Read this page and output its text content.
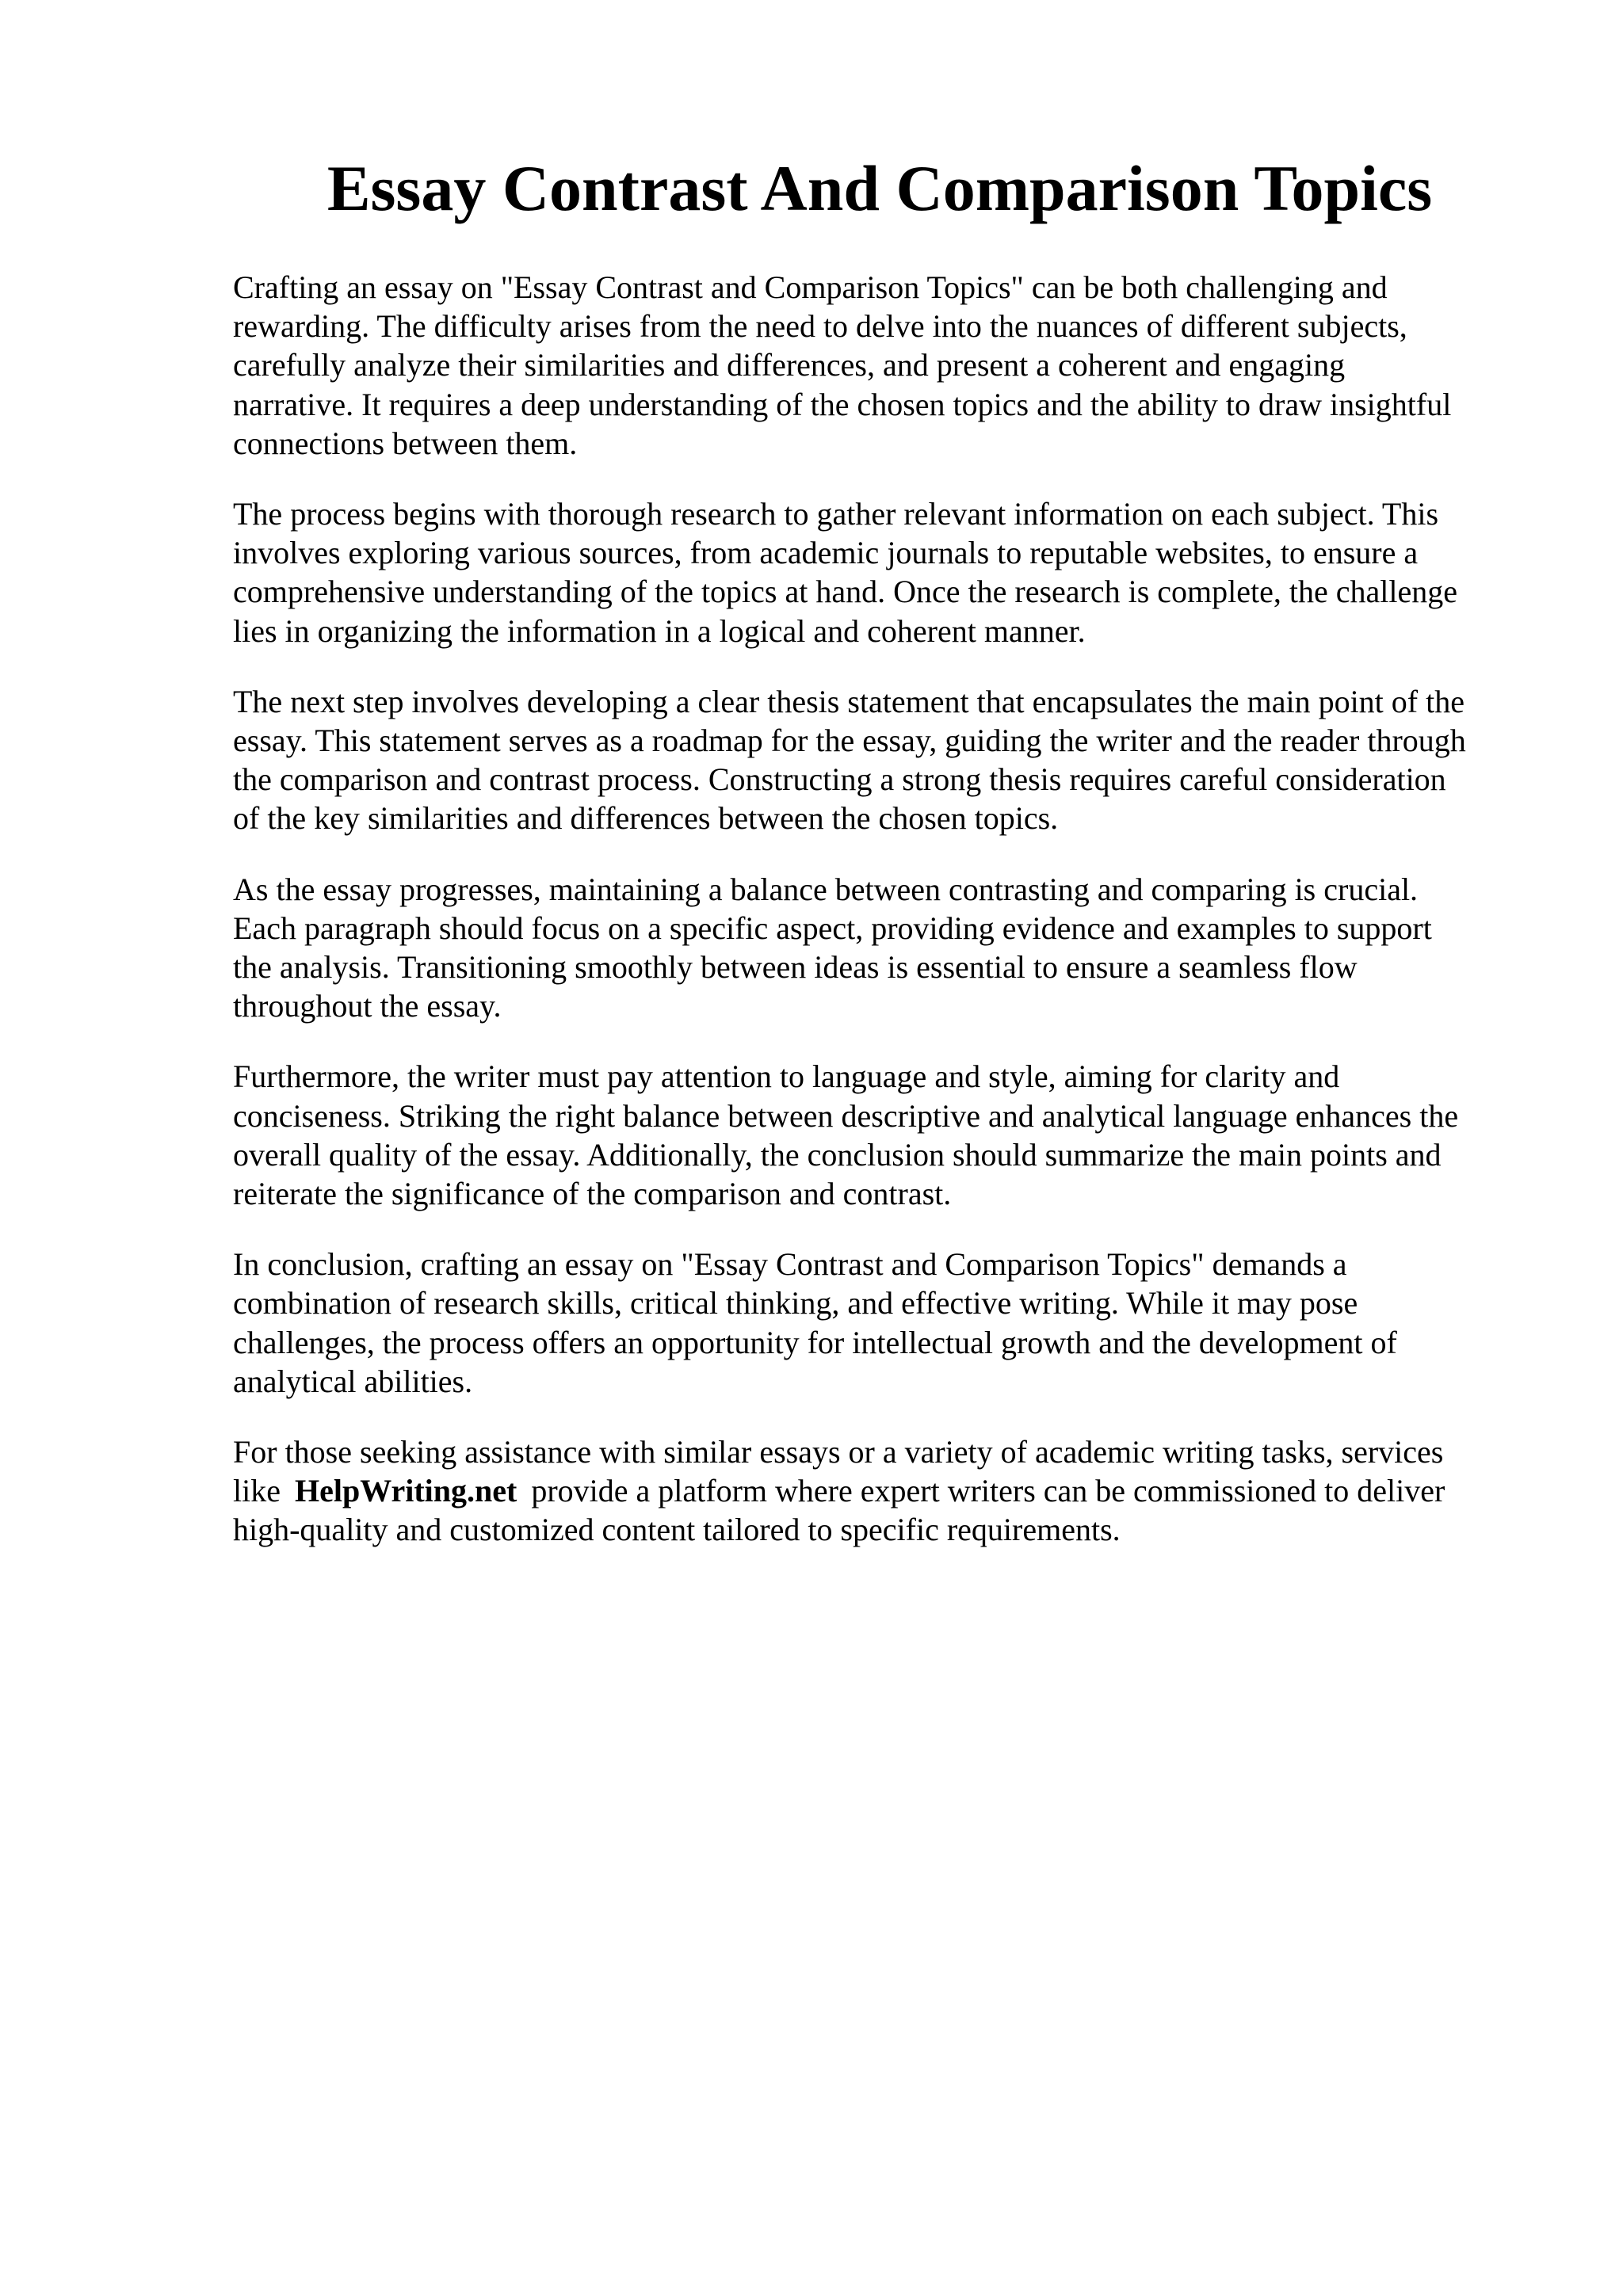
Essay Contrast And Comparison Topics

Crafting an essay on "Essay Contrast and Comparison Topics" can be both challenging and
rewarding. The difficulty arises from the need to delve into the nuances of different subjects,
carefully analyze their similarities and differences, and present a coherent and engaging
narrative. It requires a deep understanding of the chosen topics and the ability to draw insightful
connections between them.

The process begins with thorough research to gather relevant information on each subject. This
involves exploring various sources, from academic journals to reputable websites, to ensure a
comprehensive understanding of the topics at hand. Once the research is complete, the challenge
lies in organizing the information in a logical and coherent manner.

The next step involves developing a clear thesis statement that encapsulates the main point of the
essay. This statement serves as a roadmap for the essay, guiding the writer and the reader through
the comparison and contrast process. Constructing a strong thesis requires careful consideration
of the key similarities and differences between the chosen topics.

As the essay progresses, maintaining a balance between contrasting and comparing is crucial.
Each paragraph should focus on a specific aspect, providing evidence and examples to support
the analysis. Transitioning smoothly between ideas is essential to ensure a seamless flow
throughout the essay.

Furthermore, the writer must pay attention to language and style, aiming for clarity and
conciseness. Striking the right balance between descriptive and analytical language enhances the
overall quality of the essay. Additionally, the conclusion should summarize the main points and
reiterate the significance of the comparison and contrast.

In conclusion, crafting an essay on "Essay Contrast and Comparison Topics" demands a
combination of research skills, critical thinking, and effective writing. While it may pose
challenges, the process offers an opportunity for intellectual growth and the development of
analytical abilities.

For those seeking assistance with similar essays or a variety of academic writing tasks, services
like HelpWriting.net provide a platform where expert writers can be commissioned to deliver
high-quality and customized content tailored to specific requirements.
